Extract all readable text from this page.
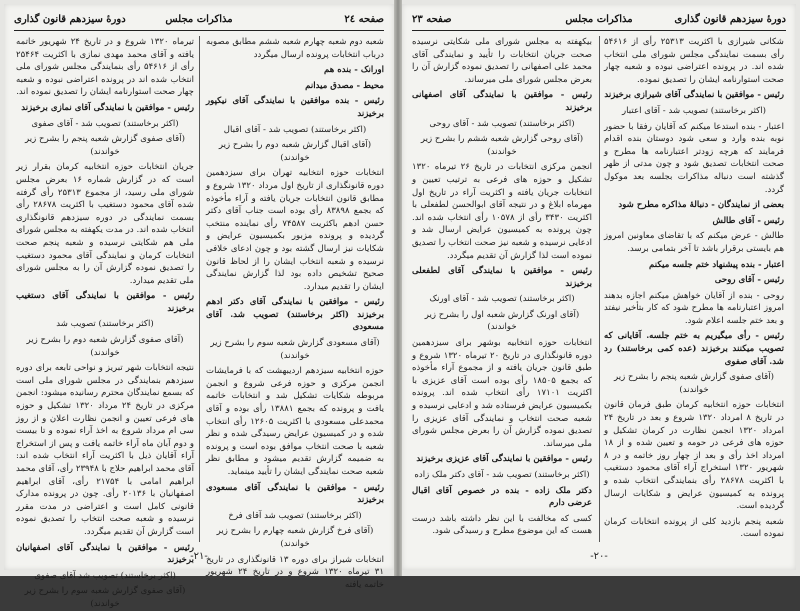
صفحه ٢٤
مذاکرات مجلس
دورهٔ سیزدهم قانون گذاری

شعبه دوم شعبه چهارم شعبه ششم مطابق مصوبه درباب انتخابات پرونده ارسال میگردد

اورانک - بنده هم

محیط - مصدق میدانم

رئیس - بنده موافقین با نمایندگی آقای نیکپور برخیزند

(اکثر برخاستند) تصویب شد - آقای اقبال

(آقای اقبال گزارش شعبه دوم را بشرح زیر خواندند)

انتخابات حوزه انتخابیه تهران برای سیزدهمین دوره قانونگذاری از تاریخ اول مرداد ۱۳۲۰ شروع و مطابق قانون انتخابات جریان یافته و آراء مأخوذه که بجمع ۸۳۸۹۸ رأی بوده است جناب آقای دکتر حسن ادهم باکثریت ۷۴۵۸۷ رأی نماینده منتخب گردیده و پرونده مزبور بکمیسیون عرایض و شکایات نیز ارسال گشته بود و چون ادعای خلافی نرسیده و شعبه انتخاب ایشان را از لحاظ قانون صحیح تشخیص داده بود لذا گزارش نمایندگی ایشان را تقدیم میدارد.

رئیس - موافقین با نمایندگی آقای دکتر ادهم برخیزند (اکثر برخاستند) تصویب شد. آقای مسعودی

(آقای مسعودی گزارش شعبه سوم را بشرح زیر خواندند)

حوزه انتخابیه سیزدهم اردیبهشت که با فرمایشات انجمن مرکزی و حوزه فرعی شروع و انجمن مربوطه شکایات تشکیل شد و انتخابات خاتمه یافت و پرونده که بجمع ۱۳۸۸۱ رأی بوده و آقای محمدعلی مسعودی با اکثریت ۱۲۶۰۵ رأی انتخاب شده و در کمیسیون عرایض رسیدگی شده و نظر شعبه با صحت انتخاب موافق بوده است و پرونده به ضمیمه گزارش تقدیم میشود و مطابق نظر شعبه صحت نمایندگی ایشان را تأیید مینماید.

رئیس - موافقین با نمایندگی آقای مسعودی برخیزند

(اکثر برخاستند) تصویب شد آقای فرخ

(آقای فرخ گزارش شعبه چهارم را بشرح زیر خواندند)

انتخابات شیراز برای دوره ۱۳ قانونگذاری در تاریخ ۳۱ تیرماه ۱۳۲۰ شروع و در تاریخ ۲۴ شهریور خاتمه یافته

تیرماه ۱۳۲۰ شروع و در تاریخ ۲۴ شهریور خاتمه یافته و آقای محمد مهدی نمازی با اکثریت ۲۵۴۶۴ رأی از ۵۴۶۱۶ رأی بنمایندگی مجلس شورای ملی انتخاب شده اند در پرونده اعتراضی نبوده و شعبه چهار صحت استوارنامه ایشان را تصدیق نموده اند.

رئیس - موافقین با نمایندگی آقای نمازی برخیزند

(اکثر برخاستند) تصویب شد - آقای صفوی

(آقای صفوی گزارش شعبه پنجم را بشرح زیر خواندند)

جریان انتخابات حوزه انتخابیه کرمان بقرار زیر است که در گزارش شماره ۱۶ بعرض مجلس شورای ملی رسید، از مجموع ۲۵۳۱۳ رأی گرفته شده آقای محمود دستغیب با اکثریت ۲۸۶۷۸ رأی بسمت نمایندگی در دوره سیزدهم قانونگذاری انتخاب شده اند. در مدت یکهفته به مجلس شورای ملی هم شکایتی نرسیده و شعبه پنجم صحت انتخابات کرمان و نمایندگی آقای محمود دستغیب را تصدیق نموده گزارش آن را به مجلس شورای ملی تقدیم میدارد.

رئیس - موافقین با نمایندگی آقای دستغیب برخیزند

(اکثر برخاستند) تصویب شد

(آقای صفوی گزارش شعبه دوم را بشرح زیر خواندند)

نتیجه انتخابات شهر تبریز و نواحی تابعه برای دوره سیزدهم بنمایندگی در مجلس شورای ملی است که بسمع نمایندگان محترم رسانیده میشود: انجمن مرکزی در تاریخ ۲۴ مرداد ۱۳۲۰ تشکیل و حوزه های فرعی تعیین و انجمن نظارت اعلان و از روز سی ام مرداد شروع به اخذ آراء نموده و تا بیست و دوم آبان ماه آراء خاتمه یافت و پس از استخراج آراء آقایان ذیل با اکثریت آراء انتخاب شده اند: آقای محمد ابراهیم حلاج با ۲۳۹۴۸ رأی، آقای محمد ابراهیم امامی با ۲۱۷۵۴ رأی، آقای ابراهیم اصفهانیان با ۲۰۱۳۶ رأی. چون در پرونده مدارک قانونی کامل است و اعتراضی در مدت مقرر نرسیده و شعبه صحت انتخاب را تصدیق نموده است گزارش آن تقدیم میگردد.

رئیس - موافقین با نمایندگی آقای اصفهانیان برخیزند

(اکثر برخاستند) تصویب شد آقای صفوی

(آقای صفوی گزارش شعبه سوم را بشرح زیر خواندند)

-۲۱-
دورهٔ سیزدهم قانون گذاری
مذاکرات مجلس
صفحه ۲۳

شکانی شیرازی با اکثریت ۲۵۳۱۳ رأی از ۵۴۶۱۶ رأی بسمت نمایندگی مجلس شورای ملی انتخاب شده اند. در پرونده اعتراضی نبوده و شعبه چهار صحت استوارنامه ایشان را تصدیق نموده.

رئیس - موافقین با نمایندگی آقای شیرازی برخیزند

(اکثر برخاستند) تصویب شد - آقای اعتبار

اعتبار - بنده استدعا میکنم که آقایان رفقا با حضور نوبه بنده وارد و سعی شود دوستان بنده اقدام فرمایند که هرچه زودتر اعتبارنامه ها مطرح و صحت انتخابات تصدیق شود و چون مدتی از ظهر گذشته است دنباله مذاکرات بجلسه بعد موکول گردد.

بعضی از نمایندگان - دنبالهٔ مذاکره مطرح شود

رئیس - آقای طالش

طالش - عرض میکنم که با تقاضای معاونین امروز هم بایستی برقرار باشد تا آخر بتمامی برسد.

اعتبار - بنده پیشنهاد ختم جلسه میکنم

رئیس - آقای روحی

روحی - بنده از آقایان خواهش میکنم اجازه بدهند امروز اعتبارنامه ها مطرح شود که کار بتأخیر نیفتد و بعد ختم جلسه اعلام شود.

رئیس - رأی میگیریم به ختم جلسه. آقایانی که تصویب میکنند برخیزند (عده کمی برخاستند) رد شد. آقای صفوی

(آقای صفوی گزارش شعبه پنجم را بشرح زیر خواندند)

انتخابات حوزه انتخابیه کرمان طبق فرمان قانون در تاریخ ۸ امرداد ۱۳۲۰ شروع و بعد در تاریخ ۲۴ امرداد ۱۳۲۰ انجمن نظارت در کرمان تشکیل و حوزه های فرعی در حومه و تعیین شده و از ۱۸ امرداد اخذ رأی و بعد از چهار روز خاتمه و در ۸ شهریور ۱۳۲۰ استخراج آراء آقای محمود دستغیب با اکثریت ۲۸۶۷۸ رأی بنمایندگی انتخاب شده و پرونده به کمیسیون عرایض و شکایات ارسال گردیده است.

شعبه پنجم بازدید کلی از پرونده انتخابات کرمان نموده است.

بیکهفته به مجلس شورای ملی شکایتی نرسیده صحت جریان انتخابات را تأیید و نمایندگی آقای محمد علی اصفهانی را تصدیق نموده گزارش آن را بعرض مجلس شورای ملی میرساند.

رئیس - موافقین با نمایندگی آقای اصفهانی برخیزند

(اکثر برخاستند) تصویب شد - آقای روحی

(آقای روحی گزارش شعبه ششم را بشرح زیر خواندند)

انجمن مرکزی انتخابات در تاریخ ۲۶ تیرماه ۱۳۲۰ تشکیل و حوزه های فرعی به ترتیب تعیین و انتخابات جریان یافته و اکثریت آراء در تاریخ اول مهرماه ابلاغ و در نتیجه آقای ابوالحسن لطفعلی با اکثریت ۳۴۳۰ رأی از ۱۰۵۷۸ رأی انتخاب شده اند. چون پرونده به کمیسیون عرایض ارسال شد و ادعایی نرسیده و شعبه نیز صحت انتخاب را تصدیق نموده است لذا گزارش آن تقدیم میگردد.

رئیس - موافقین با نمایندگی آقای لطفعلی برخیزند

(اکثر برخاستند) تصویب شد - آقای اورنک

(آقای اورنک گزارش شعبه اول را بشرح زیر خواندند)

انتخابات حوزه انتخابیه بوشهر برای سیزدهمین دوره قانونگذاری در تاریخ ۲۰ تیرماه ۱۳۲۰ شروع و طبق قانون جریان یافته و از مجموع آراء مأخوذه که بجمع ۱۸۵۰۵ رأی بوده است آقای عزیزی با اکثریت ۱۷۱۰۱ رأی انتخاب شده اند. پرونده بکمیسیون عرایض فرستاده شد و ادعایی نرسیده و شعبه صحت انتخاب و نمایندگی آقای عزیزی را تصدیق نموده گزارش آن را بعرض مجلس شورای ملی میرساند.

رئیس - موافقین با نمایندگی آقای عزیزی برخیزند

(اکثر برخاستند) تصویب شد - آقای دکتر ملک زاده

دکتر ملک زاده - بنده در خصوص آقای اقبال عرضی دارم

کسی که مخالفت با این نظر داشته باشد درست هست که این موضوع مطرح و رسیدگی شود.

-۲۰-
